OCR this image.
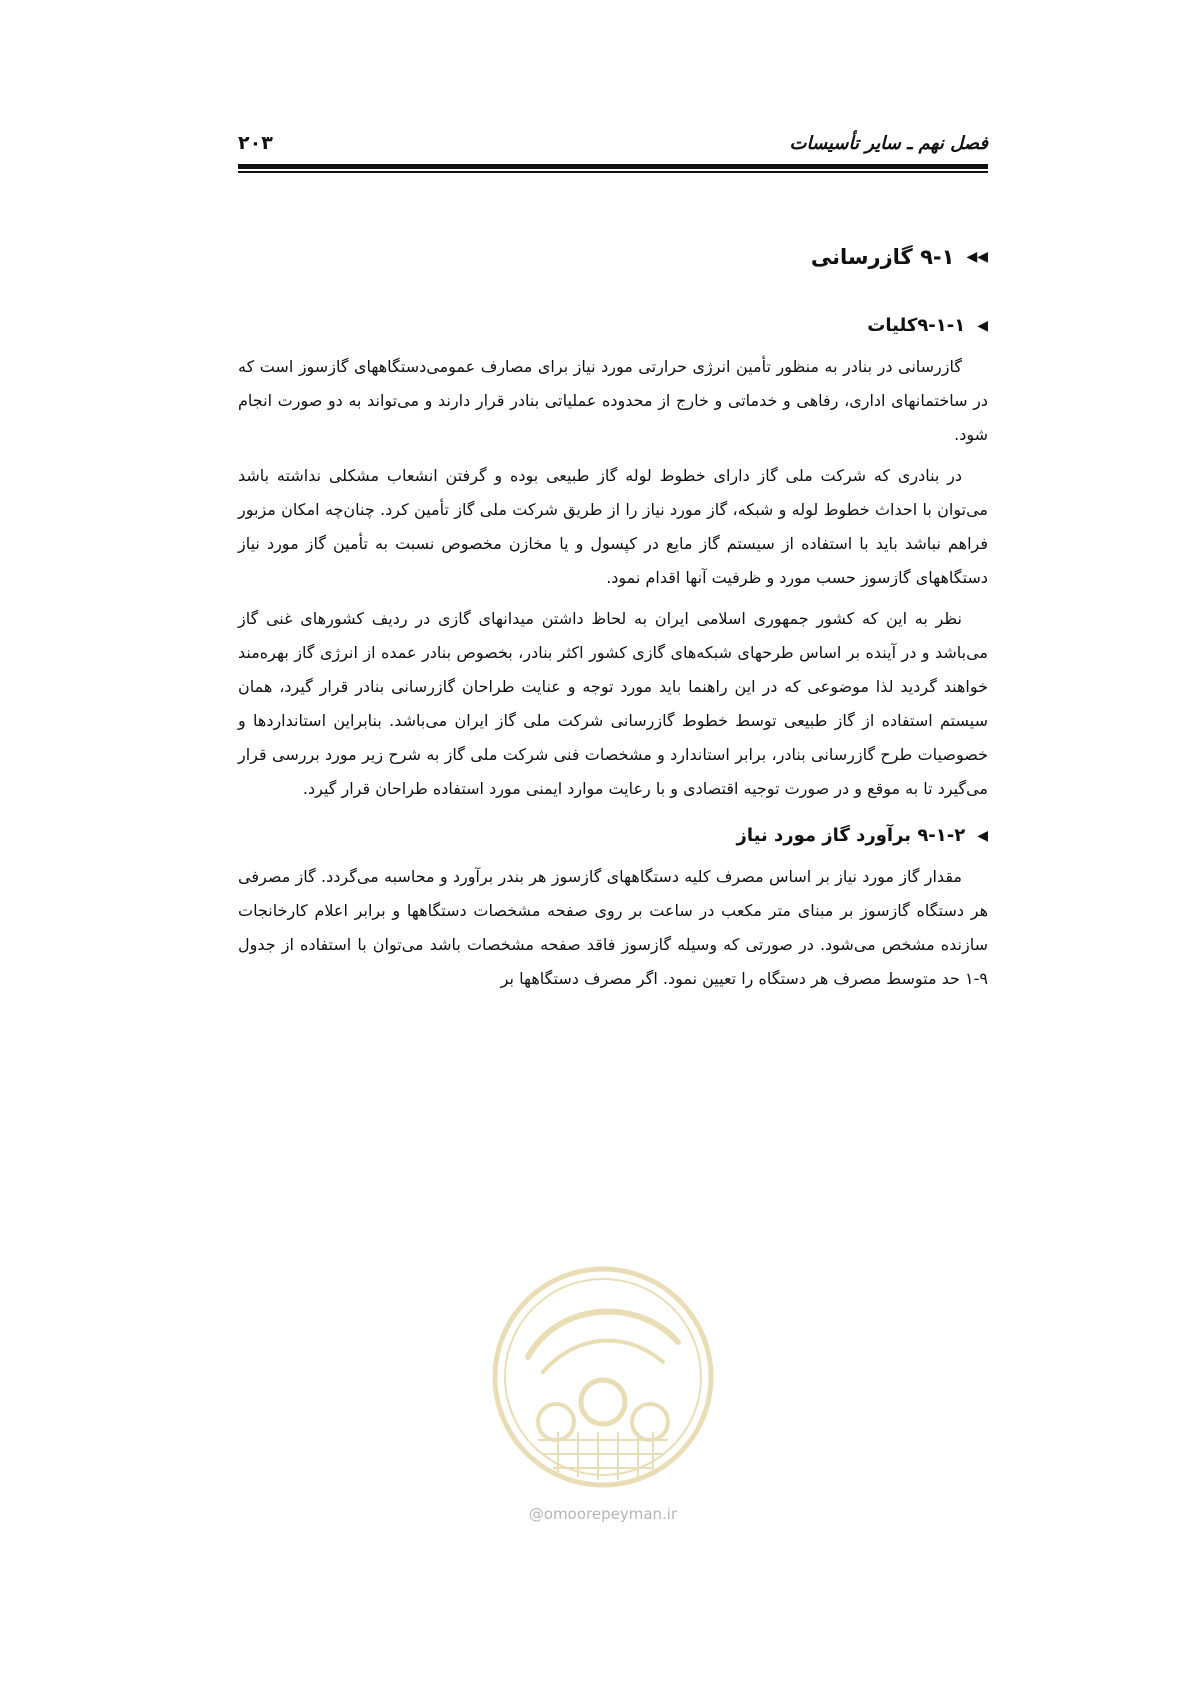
فصل نهم ـ سایر تأسیسات
۲۰۳
◀◀
۹-۱ گازرسانی
◀
۹-۱-۱کلیات

گازرسانی در بنادر به منظور تأمین انرژی حرارتی مورد نیاز برای مصارف عمومی‌دستگاههای گازسوز است که در ساختمانهای اداری، رفاهی و خدماتی و خارج از محدوده عملیاتی بنادر قرار دارند و می‌تواند به دو صورت انجام شود.

در بنادری که شرکت ملی گاز دارای خطوط لوله گاز طبیعی بوده و گرفتن انشعاب مشکلی نداشته باشد می‌توان با احداث خطوط لوله و شبکه، گاز مورد نیاز را از طریق شرکت ملی گاز تأمین کرد. چنان‌چه امکان مزبور فراهم نباشد باید با استفاده از سیستم گاز مایع در کپسول و یا مخازن مخصوص نسبت به تأمین گاز مورد نیاز دستگاههای گازسوز حسب مورد و ظرفیت آنها اقدام نمود.

نظر به این که کشور جمهوری اسلامی ایران به لحاظ داشتن میدانهای گازی در ردیف کشورهای غنی گاز می‌باشد و در آینده بر اساس طرحهای شبکه‌های گازی کشور اکثر بنادر، بخصوص بنادر عمده از انرژی گاز بهره‌مند خواهند گردید لذا موضوعی که در این راهنما باید مورد توجه و عنایت طراحان گازرسانی بنادر قرار گیرد، همان سیستم استفاده از گاز طبیعی توسط خطوط گازرسانی شرکت ملی گاز ایران می‌باشد. بنابراین استانداردها و خصوصیات طرح گازرسانی بنادر، برابر استاندارد و مشخصات فنی شرکت ملی گاز به شرح زیر مورد بررسی قرار می‌گیرد تا به موقع و در صورت توجیه اقتصادی و با رعایت موارد ایمنی مورد استفاده طراحان قرار گیرد.

◀
۹-۱-۲ برآورد گاز مورد نیاز

مقدار گاز مورد نیاز بر اساس مصرف کلیه دستگاههای گازسوز هر بندر برآورد و محاسبه می‌گردد. گاز مصرفی هر دستگاه گازسوز بر مبنای متر مکعب در ساعت بر روی صفحه مشخصات دستگاهها و برابر اعلام کارخانجات سازنده مشخص می‌شود. در صورتی که وسیله گازسوز فاقد صفحه مشخصات باشد می‌توان با استفاده از جدول ۹-۱ حد متوسط مصرف هر دستگاه را تعیین نمود. اگر مصرف دستگاهها بر

@omoorepeyman.ir
